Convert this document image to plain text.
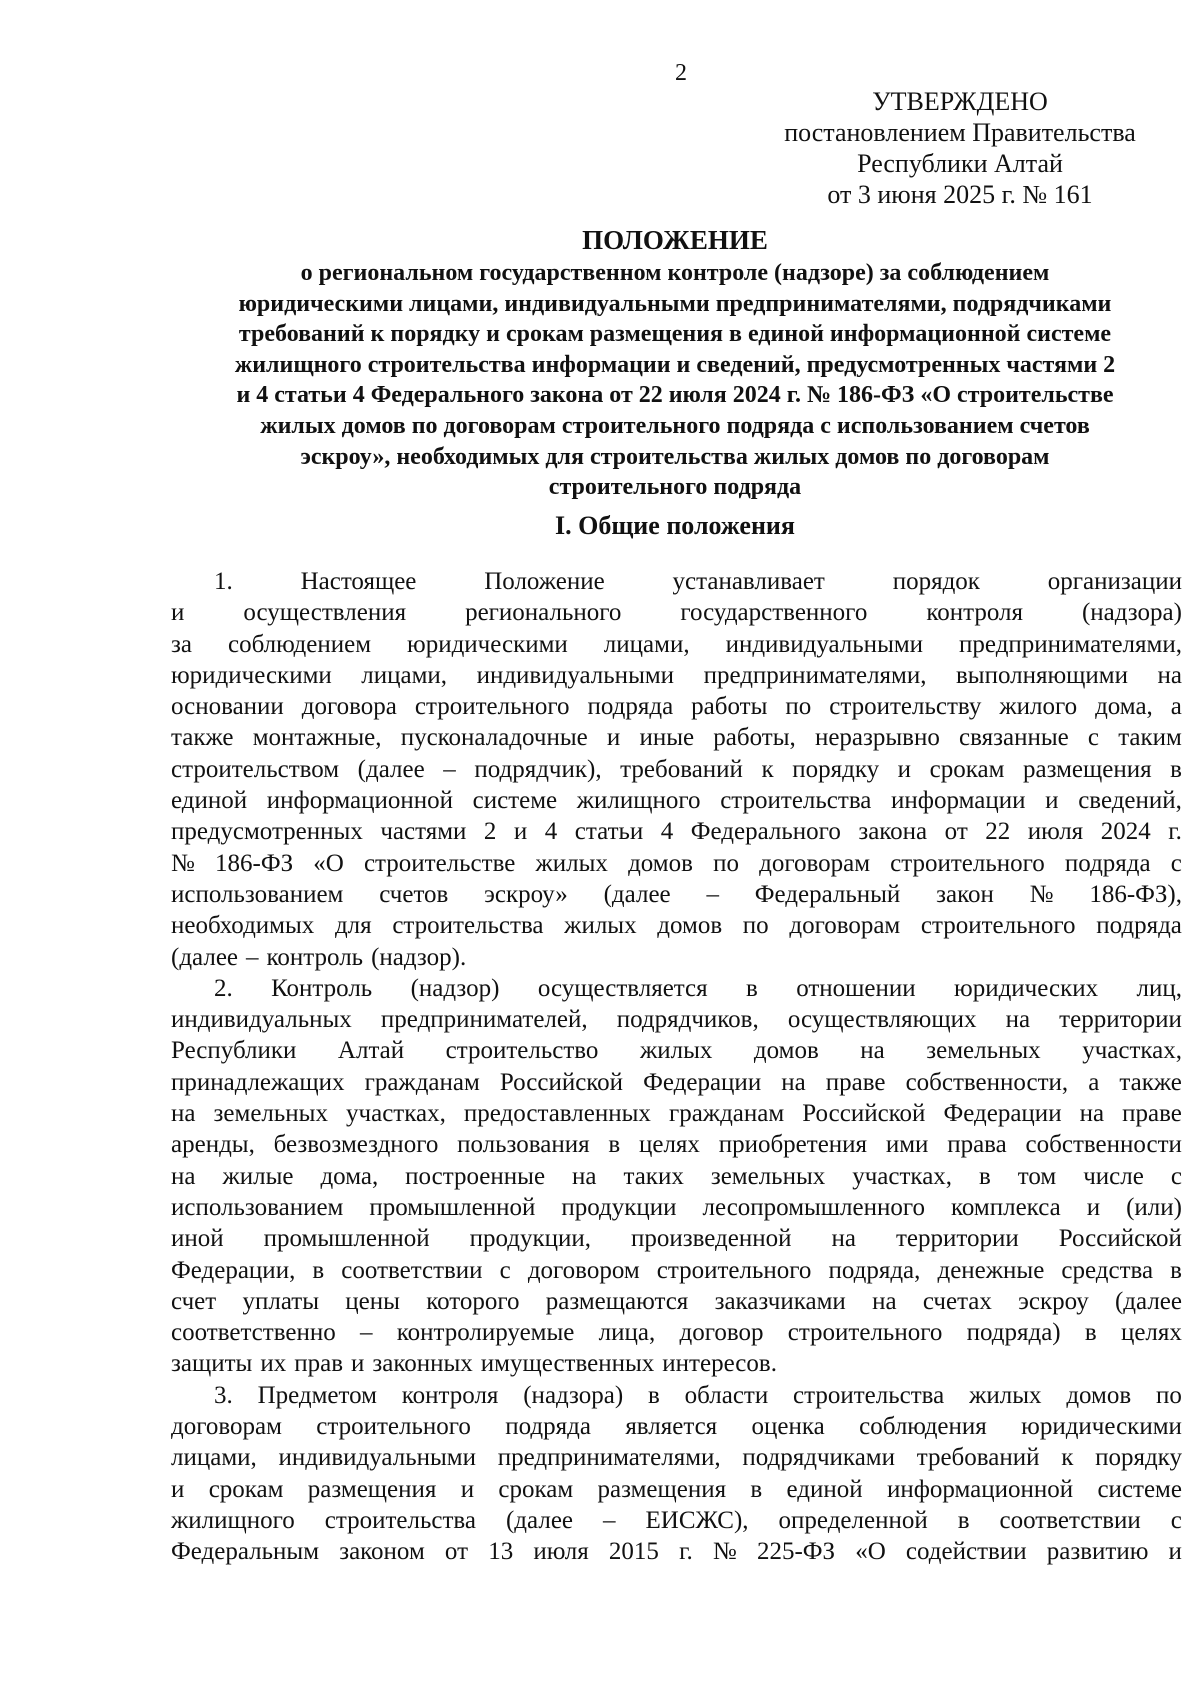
2
УТВЕРЖДЕНО
постановлением Правительства
Республики Алтай
от 3 июня 2025 г. № 161
ПОЛОЖЕНИЕ
о региональном государственном контроле (надзоре) за соблюдением
юридическими лицами, индивидуальными предпринимателями, подрядчиками
требований к порядку и срокам размещения в единой информационной системе
жилищного строительства информации и сведений, предусмотренных частями 2
и 4 статьи 4 Федерального закона от 22 июля 2024 г. № 186-ФЗ «О строительстве
жилых домов по договорам строительного подряда с использованием счетов
эскроу», необходимых для строительства жилых домов по договорам
строительного подряда
I. Общие положения
1.	Настоящее	Положение	устанавливает	порядок	организации
и осуществления регионального государственного контроля (надзора)
за соблюдением юридическими лицами, индивидуальными предпринимателями,
юридическими лицами, индивидуальными предпринимателями, выполняющими на
основании договора строительного подряда работы по строительству жилого дома, а
также монтажные, пусконаладочные и иные работы, неразрывно связанные с таким
строительством (далее – подрядчик), требований к порядку и срокам размещения в
единой информационной системе жилищного строительства информации и сведений,
предусмотренных частями 2 и 4 статьи 4 Федерального закона от 22 июля 2024 г.
№ 186-ФЗ «О строительстве жилых домов по договорам строительного подряда с
использованием счетов эскроу» (далее – Федеральный закон № 186-ФЗ),
необходимых для строительства жилых домов по договорам строительного подряда
(далее – контроль (надзор).
2. Контроль (надзор) осуществляется в отношении юридических лиц,
индивидуальных предпринимателей, подрядчиков, осуществляющих на территории
Республики Алтай строительство жилых домов на земельных участках,
принадлежащих гражданам Российской Федерации на праве собственности, а также
на земельных участках, предоставленных гражданам Российской Федерации на праве
аренды, безвозмездного пользования в целях приобретения ими права собственности
на жилые дома, построенные на таких земельных участках, в том числе с
использованием промышленной продукции лесопромышленного комплекса и (или)
иной промышленной продукции, произведенной на территории Российской
Федерации, в соответствии с договором строительного подряда, денежные средства в
счет уплаты цены которого размещаются заказчиками на счетах эскроу (далее
соответственно – контролируемые лица, договор строительного подряда) в целях
защиты их прав и законных имущественных интересов.
3. Предметом контроля (надзора) в области строительства жилых домов по
договорам строительного подряда является оценка соблюдения юридическими
лицами, индивидуальными предпринимателями, подрядчиками требований к порядку
и срокам размещения и срокам размещения в единой информационной системе
жилищного строительства (далее – ЕИСЖС), определенной в соответствии с
Федеральным законом от 13 июля 2015 г. № 225-ФЗ «О содействии развитию и
